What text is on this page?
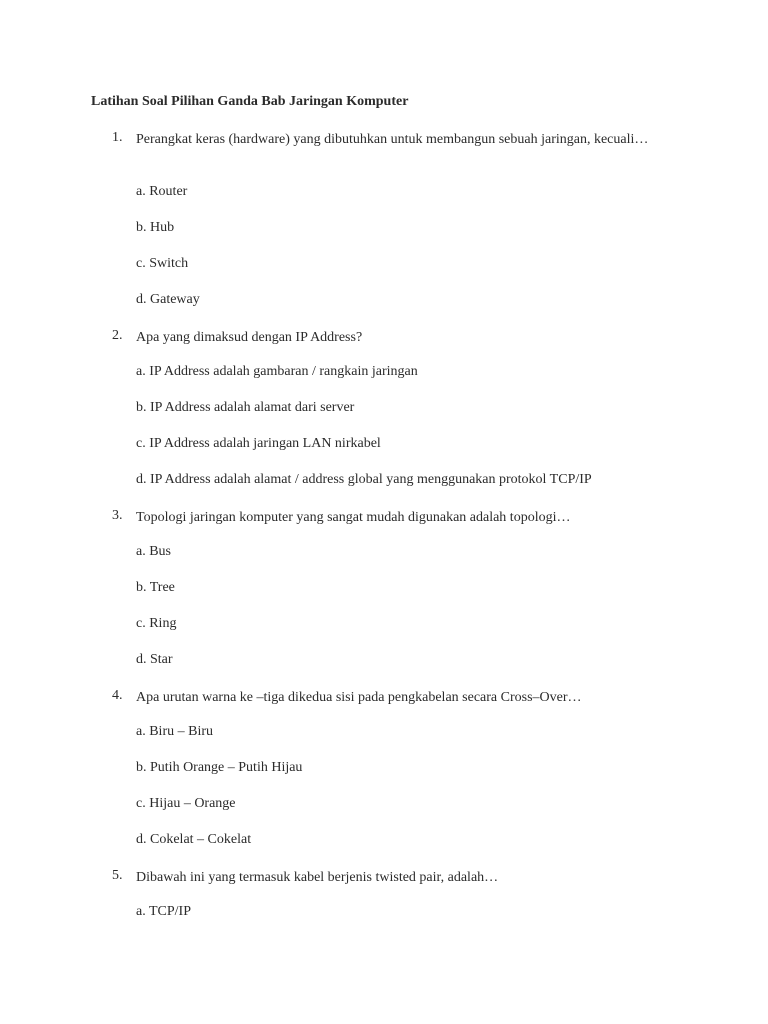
Latihan Soal Pilihan Ganda Bab Jaringan Komputer
1. Perangkat keras (hardware) yang dibutuhkan untuk membangun sebuah jaringan, kecuali…
a. Router
b. Hub
c. Switch
d. Gateway
2. Apa yang dimaksud dengan IP Address?
a. IP Address adalah gambaran / rangkain jaringan
b. IP Address adalah alamat dari server
c. IP Address adalah jaringan LAN nirkabel
d. IP Address adalah alamat / address global yang menggunakan protokol TCP/IP
3. Topologi jaringan komputer yang sangat mudah digunakan adalah topologi…
a. Bus
b. Tree
c. Ring
d. Star
4. Apa urutan warna ke –tiga dikedua sisi pada pengkabelan secara Cross–Over…
a. Biru – Biru
b. Putih Orange – Putih Hijau
c. Hijau – Orange
d. Cokelat – Cokelat
5. Dibawah ini yang termasuk kabel berjenis twisted pair, adalah…
a. TCP/IP
